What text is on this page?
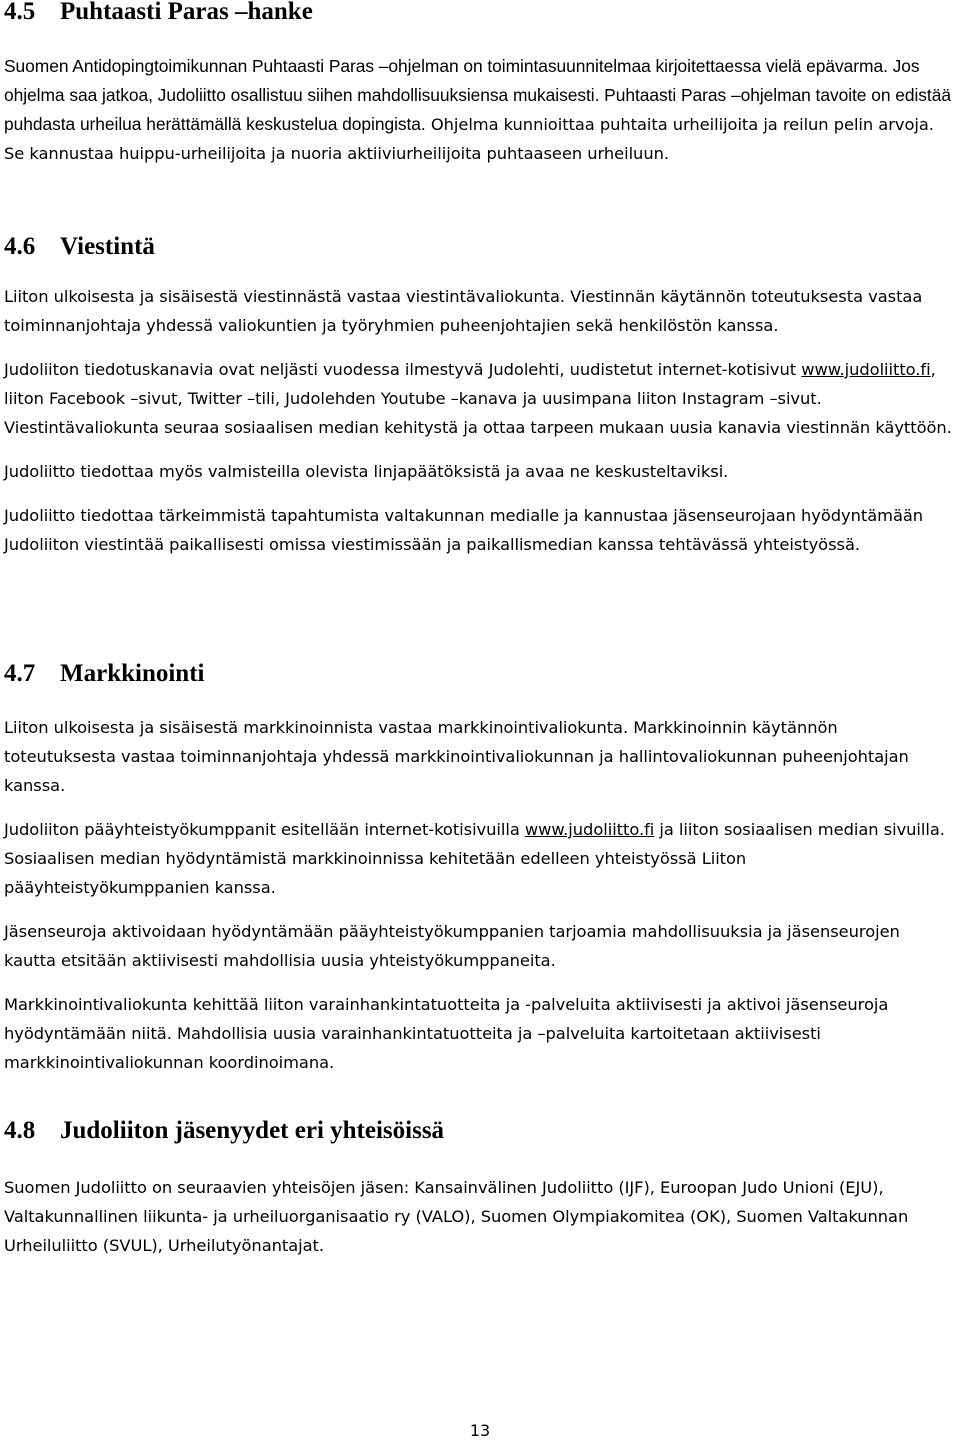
4.5 Puhtaasti Paras –hanke

Suomen Antidopingtoimikunnan Puhtaasti Paras –ohjelman on toimintasuunnitelmaa kirjoitettaessa vielä epävarma. Jos ohjelma saa jatkoa, Judoliitto osallistuu siihen mahdollisuuksiensa mukaisesti. Puhtaasti Paras –ohjelman tavoite on edistää puhdasta urheilua herättämällä keskustelua dopingista. Ohjelma kunnioittaa puhtaita urheilijoita ja reilun pelin arvoja. Se kannustaa huippu-urheilijoita ja nuoria aktiiviurheilijoita puhtaaseen urheiluun.

4.6 Viestintä

Liiton ulkoisesta ja sisäisestä viestinnästä vastaa viestintävaliokunta. Viestinnän käytännön toteutuksesta vastaa toiminnanjohtaja yhdessä valiokuntien ja työryhmien puheenjohtajien sekä henkilöstön kanssa.

Judoliiton tiedotuskanavia ovat neljästi vuodessa ilmestyvä Judolehti, uudistetut internet-kotisivut www.judoliitto.fi, liiton Facebook –sivut, Twitter –tili, Judolehden Youtube –kanava ja uusimpana liiton Instagram –sivut. Viestintävaliokunta seuraa sosiaalisen median kehitystä ja ottaa tarpeen mukaan uusia kanavia viestinnän käyttöön.

Judoliitto tiedottaa myös valmisteilla olevista linjapäätöksistä ja avaa ne keskusteltaviksi.

Judoliitto tiedottaa tärkeimmistä tapahtumista valtakunnan medialle ja kannustaa jäsenseurojaan hyödyntämään Judoliiton viestintää paikallisesti omissa viestimissään ja paikallismedian kanssa tehtävässä yhteistyössä.

4.7 Markkinointi

Liiton ulkoisesta ja sisäisestä markkinoinnista vastaa markkinointivaliokunta. Markkinoinnin käytännön toteutuksesta vastaa toiminnanjohtaja yhdessä markkinointivaliokunnan ja hallintovaliokunnan puheenjohtajan kanssa.

Judoliiton pääyhteistyökumppanit esitellään internet-kotisivuilla www.judoliitto.fi ja liiton sosiaalisen median sivuilla. Sosiaalisen median hyödyntämistä markkinoinnissa kehitetään edelleen yhteistyössä Liiton pääyhteistyökumppanien kanssa.

Jäsenseuroja aktivoidaan hyödyntämään pääyhteistyökumppanien tarjoamia mahdollisuuksia ja jäsenseurojen kautta etsitään aktiivisesti mahdollisia uusia yhteistyökumppaneita.

Markkinointivaliokunta kehittää liiton varainhankintatuotteita ja -palveluita aktiivisesti ja aktivoi jäsenseuroja hyödyntämään niitä. Mahdollisia uusia varainhankintatuotteita ja –palveluita kartoitetaan aktiivisesti markkinointivaliokunnan koordinoimana.

4.8 Judoliiton jäsenyydet eri yhteisöissä

Suomen Judoliitto on seuraavien yhteisöjen jäsen: Kansainvälinen Judoliitto (IJF), Euroopan Judo Unioni (EJU), Valtakunnallinen liikunta- ja urheiluorganisaatio ry (VALO), Suomen Olympiakomitea (OK), Suomen Valtakunnan Urheiluliitto (SVUL), Urheilutyönantajat.

13
